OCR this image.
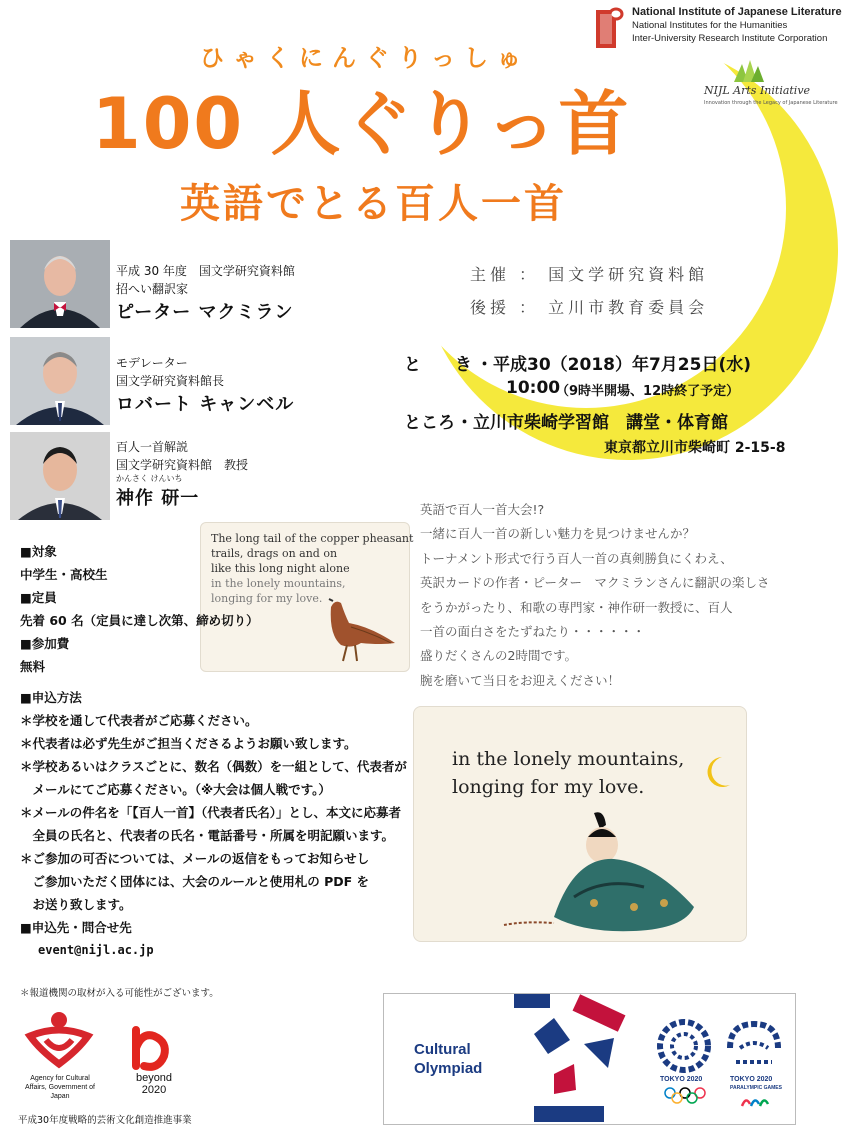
National Institute of Japanese Literature
National Institutes for the Humanities
Inter-University Research Institute Corporation
NIJL Arts Initiative
Innovation through the Legacy of Japanese Literature
ひゃくにんぐりっしゅ
100 人ぐりっ首
英語でとる百人一首
平成 30 年度　国文学研究資料館
招へい翻訳家
ピーター マクミラン
モデレーター
国文学研究資料館長
ロバート キャンベル
百人一首解説
国文学研究資料館　教授
かんさく けんいち
神作 研一
主催 ： 国文学研究資料館
後援 ： 立川市教育委員会
と き
・平成30（2018）年7月25日(水)
10:00
（9時半開場、12時終了予定）
ところ ・立川市柴崎学習館　講堂・体育館
東京都立川市柴崎町 2-15-8
The long tail of the copper pheasant
trails, drags on and on
like this long night alone
in the lonely mountains,
longing for my love.
英語で百人一首大会!?
一緒に百人一首の新しい魅力を見つけませんか？
トーナメント形式で行う百人一首の真剣勝負にくわえ、
英訳カードの作者・ピーター　マクミランさんに翻訳の楽しさ
をうかがったり、和歌の専門家・神作研一教授に、百人
一首の面白さをたずねたり・・・・・・
盛りだくさんの2時間です。
腕を磨いて当日をお迎えください！
in the lonely mountains,
longing for my love.
■対象
中学生・高校生
■定員
先着 60 名（定員に達し次第、締め切り）
■参加費
無料
■申込方法
＊学校を通して代表者がご応募ください。
＊代表者は必ず先生がご担当くださるようお願い致します。
＊学校あるいはクラスごとに、数名（偶数）を一組として、代表者が
　メールにてご応募ください。（※大会は個人戦です。）
＊メールの件名を「【百人一首】（代表者氏名）」とし、本文に応募者
　全員の氏名と、代表者の氏名・電話番号・所属を明記願います。
＊ご参加の可否については、メールの返信をもってお知らせし
　ご参加いただく団体には、大会のルールと使用札の PDF を
　お送り致します。
■申込先・問合せ先
event@nijl.ac.jp
＊報道機関の取材が入る可能性がございます。
Agency for Cultural Affairs, Government of Japan
beyond
2020
平成30年度戦略的芸術文化創造推進事業
Cultural Olympiad
TOKYO 2020	TOKYO 2020
PARALYMPIC GAMES
